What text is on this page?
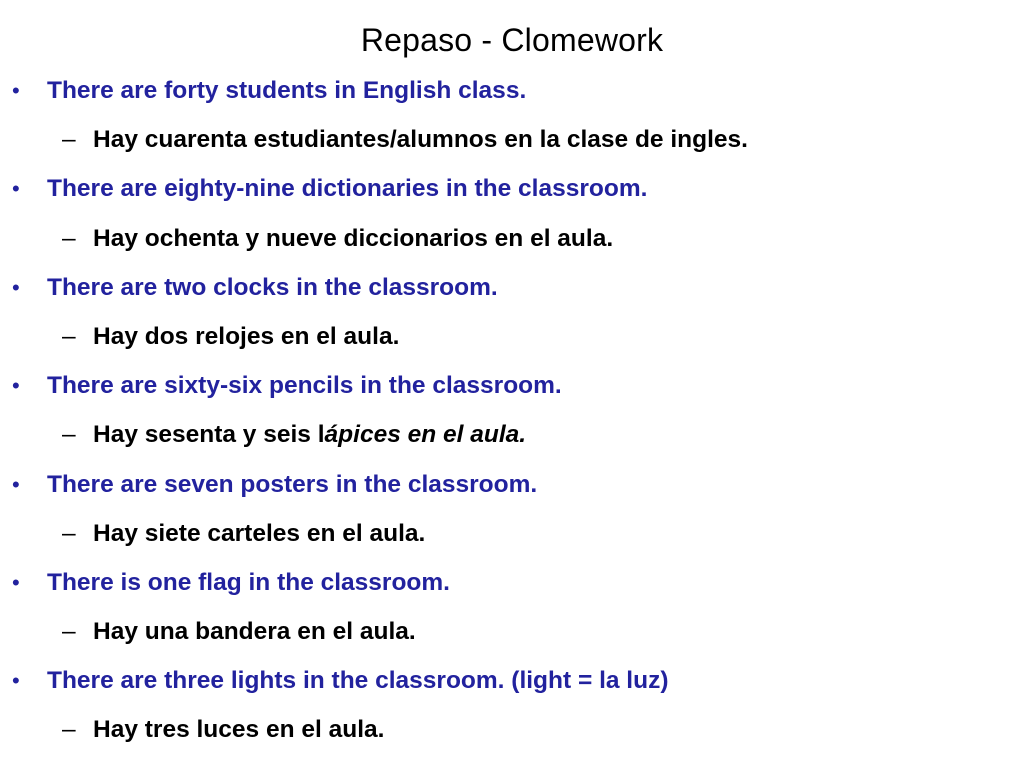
Repaso - Clomework
• There are forty students in English class.
– Hay cuarenta estudiantes/alumnos en la clase de ingles.
• There are eighty-nine dictionaries in the classroom.
– Hay ochenta y nueve diccionarios en el aula.
• There are two clocks in the classroom.
– Hay dos relojes en el aula.
• There are sixty-six pencils in the classroom.
– Hay sesenta y seis lápices en el aula.
• There are seven posters in the classroom.
– Hay siete carteles en el aula.
• There is one flag in the classroom.
– Hay una bandera en el aula.
• There are three lights in the classroom. (light = la luz)
– Hay tres luces en el aula.
